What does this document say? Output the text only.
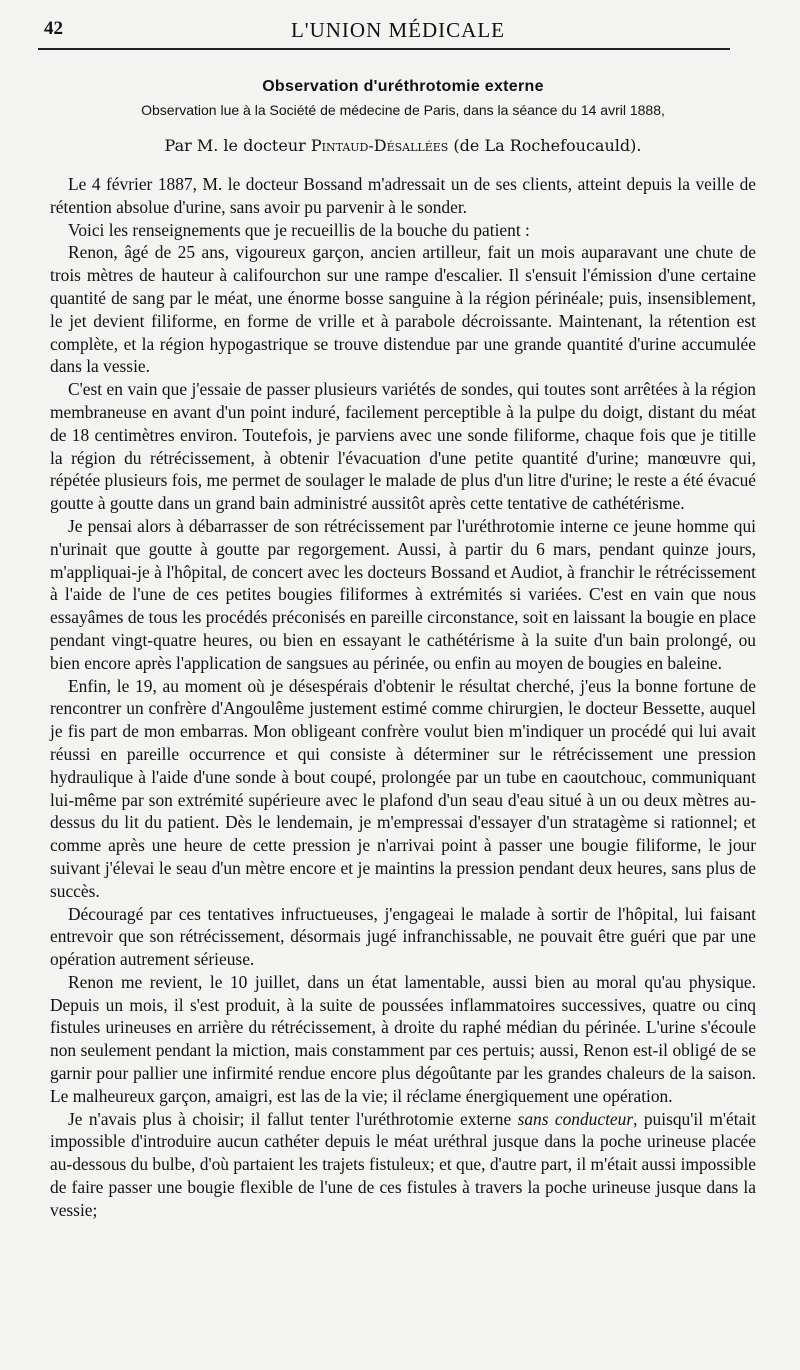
42	L'UNION MÉDICALE
Observation d'uréthrotomie externe
Observation lue à la Société de médecine de Paris, dans la séance du 14 avril 1888,
Par M. le docteur Pintaud-Désallées (de La Rochefoucauld).

Le 4 février 1887, M. le docteur Bossand m'adressait un de ses clients, atteint depuis la veille de rétention absolue d'urine, sans avoir pu parvenir à le sonder.

Voici les renseignements que je recueillis de la bouche du patient :

Renon, âgé de 25 ans, vigoureux garçon, ancien artilleur, fait un mois auparavant une chute de trois mètres de hauteur à califourchon sur une rampe d'escalier. Il s'ensuit l'émission d'une certaine quantité de sang par le méat, une énorme bosse sanguine à la région périnéale; puis, insensiblement, le jet devient filiforme, en forme de vrille et à parabole décroissante. Maintenant, la rétention est complète, et la région hypogastrique se trouve distendue par une grande quantité d'urine accumulée dans la vessie.

C'est en vain que j'essaie de passer plusieurs variétés de sondes, qui toutes sont arrêtées à la région membraneuse en avant d'un point induré, facilement perceptible à la pulpe du doigt, distant du méat de 18 centimètres environ. Toutefois, je parviens avec une sonde filiforme, chaque fois que je titille la région du rétrécissement, à obtenir l'évacuation d'une petite quantité d'urine; manœuvre qui, répétée plusieurs fois, me permet de soulager le malade de plus d'un litre d'urine; le reste a été évacué goutte à goutte dans un grand bain administré aussitôt après cette tentative de cathétérisme.

Je pensai alors à débarrasser de son rétrécissement par l'uréthrotomie interne ce jeune homme qui n'urinait que goutte à goutte par regorgement. Aussi, à partir du 6 mars, pendant quinze jours, m'appliquai-je à l'hôpital, de concert avec les docteurs Bossand et Audiot, à franchir le rétrécissement à l'aide de l'une de ces petites bougies filiformes à extrémités si variées. C'est en vain que nous essayâmes de tous les procédés préconisés en pareille circonstance, soit en laissant la bougie en place pendant vingt-quatre heures, ou bien en essayant le cathétérisme à la suite d'un bain prolongé, ou bien encore après l'application de sangsues au périnée, ou enfin au moyen de bougies en baleine.

Enfin, le 19, au moment où je désespérais d'obtenir le résultat cherché, j'eus la bonne fortune de rencontrer un confrère d'Angoulême justement estimé comme chirurgien, le docteur Bessette, auquel je fis part de mon embarras. Mon obligeant confrère voulut bien m'indiquer un procédé qui lui avait réussi en pareille occurrence et qui consiste à déterminer sur le rétrécissement une pression hydraulique à l'aide d'une sonde à bout coupé, prolongée par un tube en caoutchouc, communiquant lui-même par son extrémité supérieure avec le plafond d'un seau d'eau situé à un ou deux mètres au-dessus du lit du patient. Dès le lendemain, je m'empressai d'essayer d'un stratagème si rationnel; et comme après une heure de cette pression je n'arrivai point à passer une bougie filiforme, le jour suivant j'élevai le seau d'un mètre encore et je maintins la pression pendant deux heures, sans plus de succès.

Découragé par ces tentatives infructueuses, j'engageai le malade à sortir de l'hôpital, lui faisant entrevoir que son rétrécissement, désormais jugé infranchissable, ne pouvait être guéri que par une opération autrement sérieuse.

Renon me revient, le 10 juillet, dans un état lamentable, aussi bien au moral qu'au physique. Depuis un mois, il s'est produit, à la suite de poussées inflammatoires successives, quatre ou cinq fistules urineuses en arrière du rétrécissement, à droite du raphé médian du périnée. L'urine s'écoule non seulement pendant la miction, mais constamment par ces pertuis; aussi, Renon est-il obligé de se garnir pour pallier une infirmité rendue encore plus dégoûtante par les grandes chaleurs de la saison. Le malheureux garçon, amaigri, est las de la vie; il réclame énergiquement une opération.

Je n'avais plus à choisir; il fallut tenter l'uréthrotomie externe sans conducteur, puisqu'il m'était impossible d'introduire aucun cathéter depuis le méat uréthral jusque dans la poche urineuse placée au-dessous du bulbe, d'où partaient les trajets fistuleux; et que, d'autre part, il m'était aussi impossible de faire passer une bougie flexible de l'une de ces fistules à travers la poche urineuse jusque dans la vessie;
